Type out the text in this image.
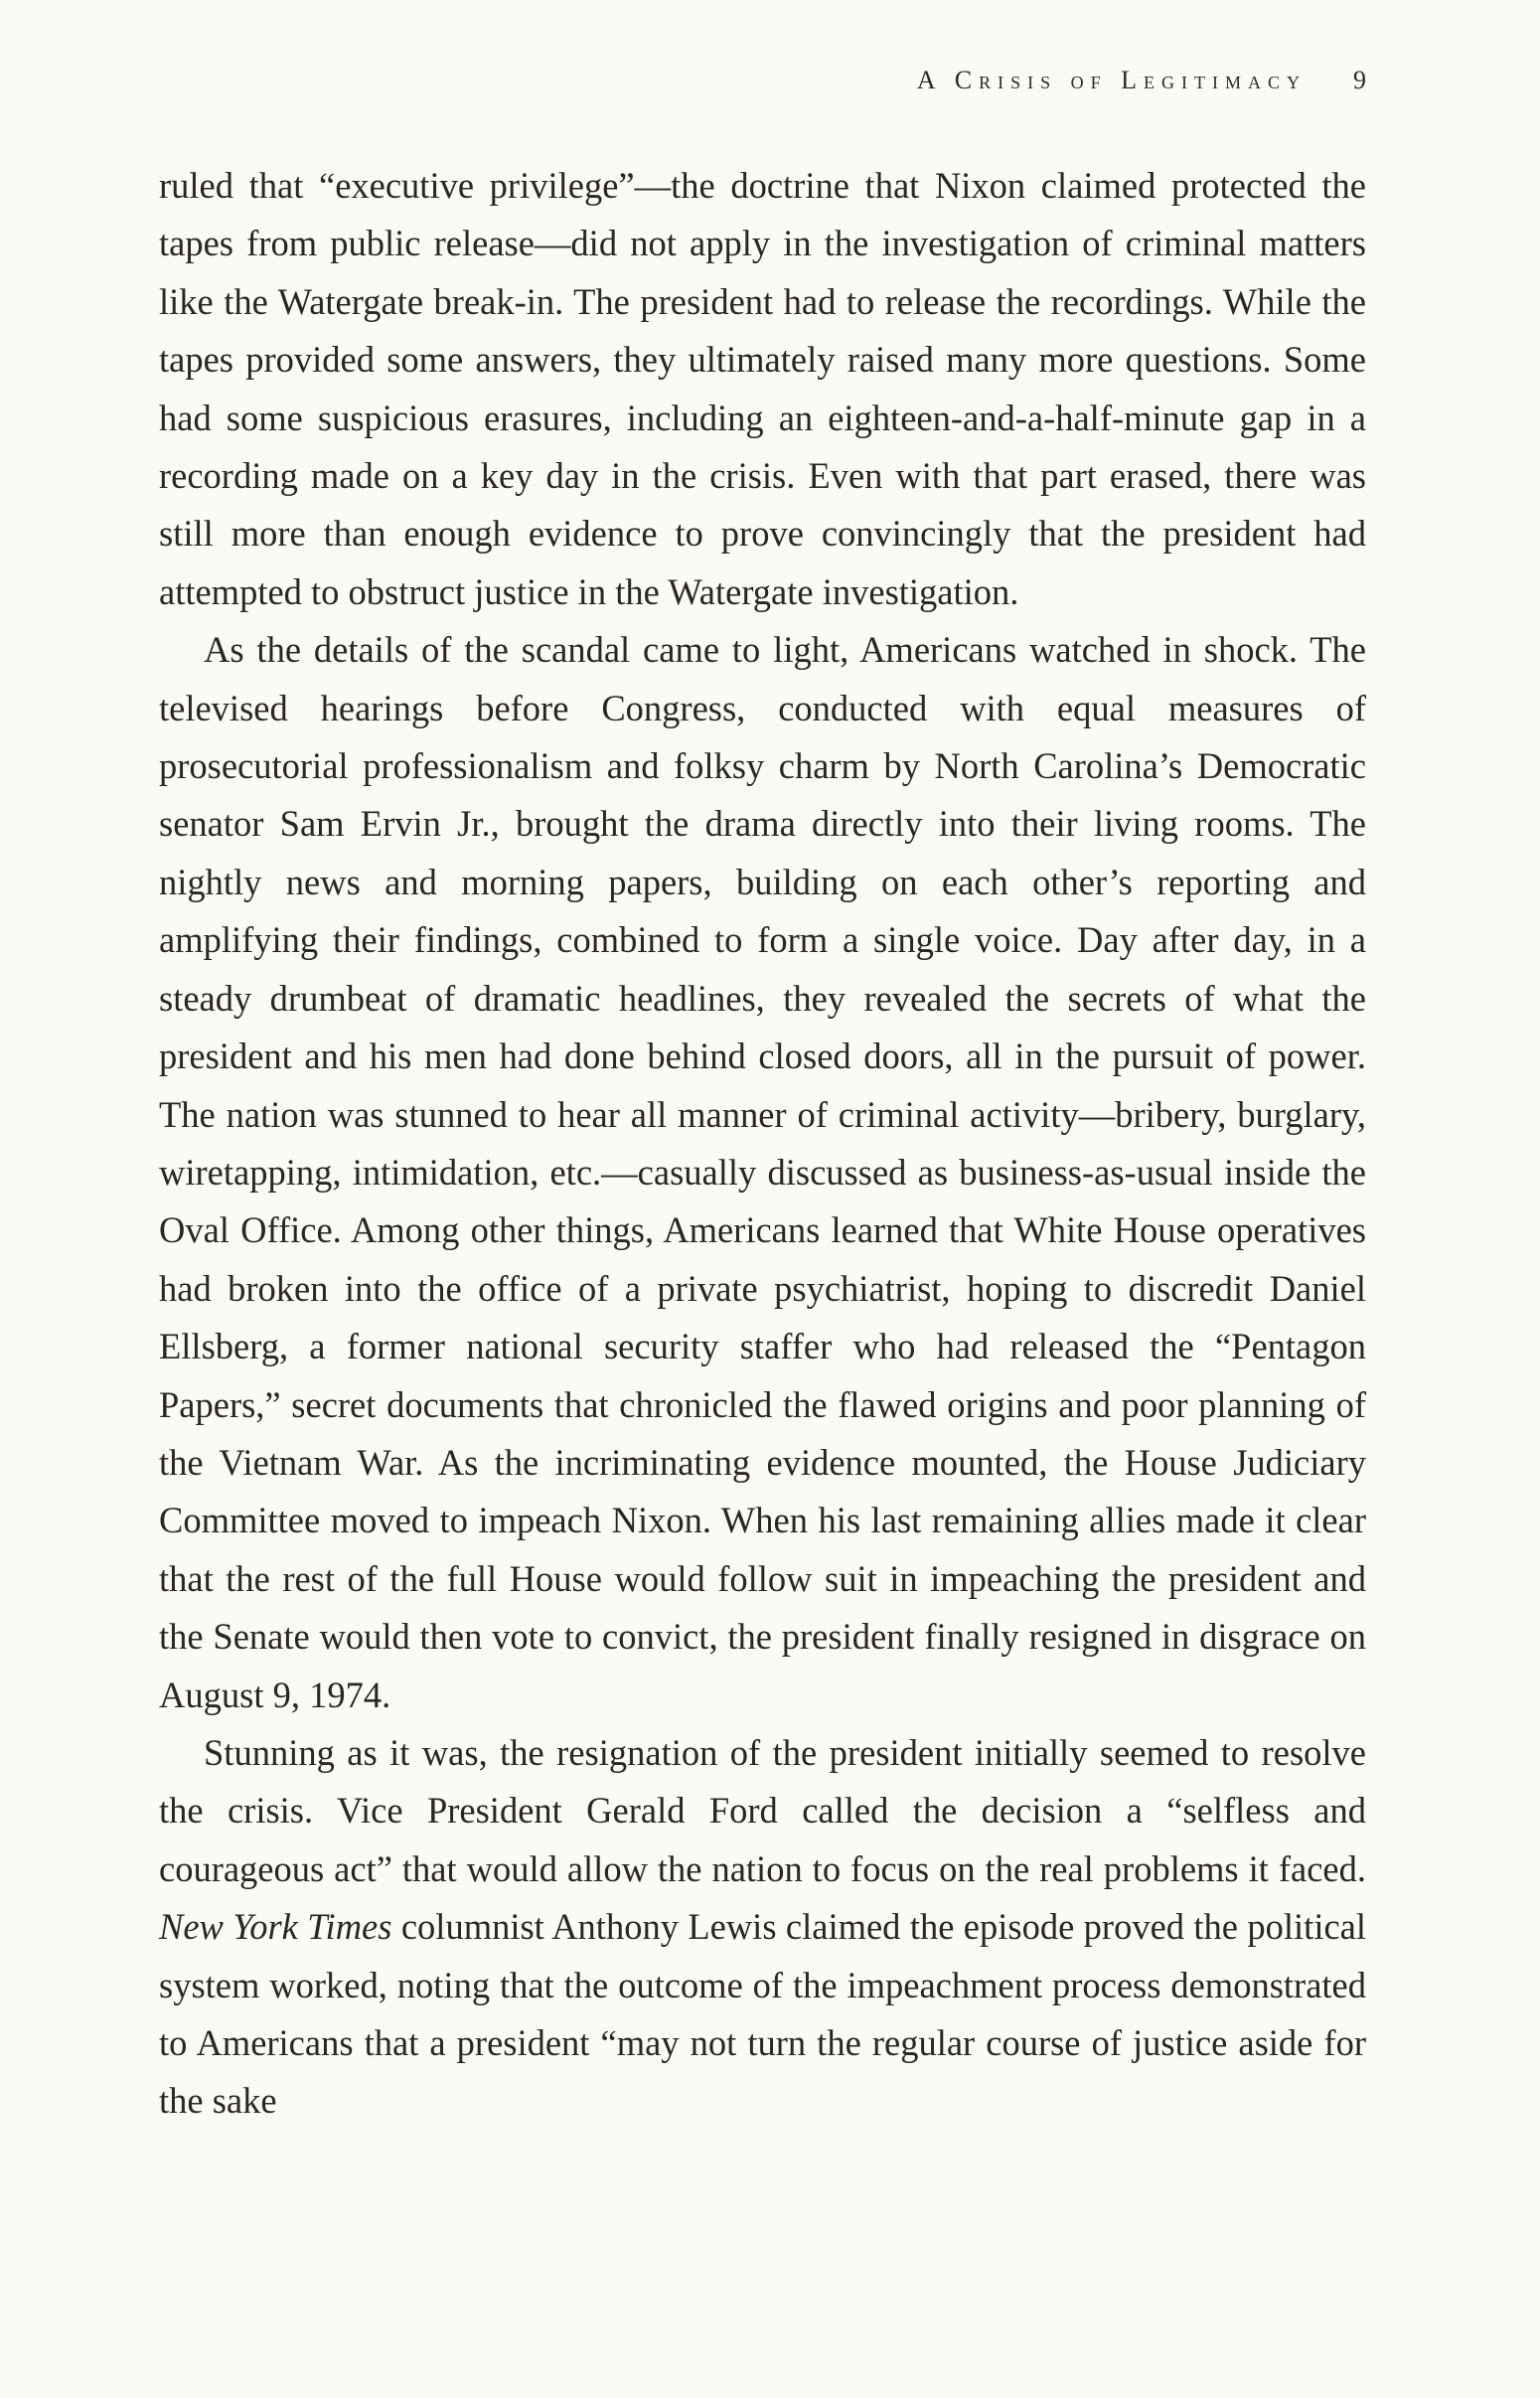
A Crisis of Legitimacy 9

ruled that “executive privilege”—the doctrine that Nixon claimed protected the tapes from public release—did not apply in the investigation of criminal matters like the Watergate break-in. The president had to release the recordings. While the tapes provided some answers, they ultimately raised many more questions. Some had some suspicious erasures, including an eighteen-and-a-half-minute gap in a recording made on a key day in the crisis. Even with that part erased, there was still more than enough evidence to prove convincingly that the president had attempted to obstruct justice in the Watergate investigation.

As the details of the scandal came to light, Americans watched in shock. The televised hearings before Congress, conducted with equal measures of prosecutorial professionalism and folksy charm by North Carolina’s Democratic senator Sam Ervin Jr., brought the drama directly into their living rooms. The nightly news and morning papers, building on each other’s reporting and amplifying their findings, combined to form a single voice. Day after day, in a steady drumbeat of dramatic headlines, they revealed the secrets of what the president and his men had done behind closed doors, all in the pursuit of power. The nation was stunned to hear all manner of criminal activity—bribery, burglary, wiretapping, intimidation, etc.—casually discussed as business-as-usual inside the Oval Office. Among other things, Americans learned that White House operatives had broken into the office of a private psychiatrist, hoping to discredit Daniel Ellsberg, a former national security staffer who had released the “Pentagon Papers,” secret documents that chronicled the flawed origins and poor planning of the Vietnam War. As the incriminating evidence mounted, the House Judiciary Committee moved to impeach Nixon. When his last remaining allies made it clear that the rest of the full House would follow suit in impeaching the president and the Senate would then vote to convict, the president finally resigned in disgrace on August 9, 1974.

Stunning as it was, the resignation of the president initially seemed to resolve the crisis. Vice President Gerald Ford called the decision a “selfless and courageous act” that would allow the nation to focus on the real problems it faced. New York Times columnist Anthony Lewis claimed the episode proved the political system worked, noting that the outcome of the impeachment process demonstrated to Americans that a president “may not turn the regular course of justice aside for the sake
